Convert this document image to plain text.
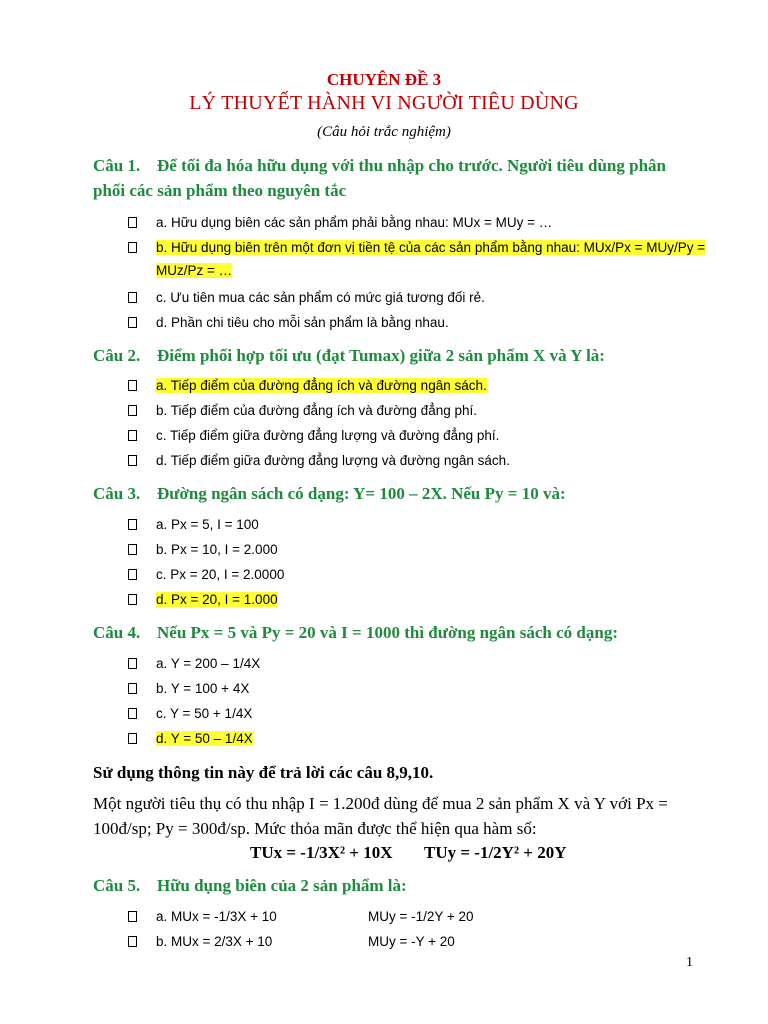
CHUYÊN ĐỀ 3
LÝ THUYẾT HÀNH VI NGƯỜI TIÊU DÙNG
(Câu hỏi trắc nghiệm)
Câu 1. Để tối đa hóa hữu dụng với thu nhập cho trước. Người tiêu dùng phân phối các sản phẩm theo nguyên tắc
a. Hữu dụng biên các sản phẩm phải bằng nhau: MUx = MUy = …
b. Hữu dụng biên trên một đơn vị tiền tệ của các sản phẩm bằng nhau: MUx/Px = MUy/Py = MUz/Pz = …
c. Ưu tiên mua các sản phẩm có mức giá tương đối rẻ.
d. Phần chi tiêu cho mỗi sản phẩm là bằng nhau.
Câu 2. Điểm phối hợp tối ưu (đạt Tumax) giữa 2 sản phẩm X và Y là:
a. Tiếp điểm của đường đẳng ích và đường ngân sách.
b. Tiếp điểm của đường đẳng ích và đường đẳng phí.
c. Tiếp điểm giữa đường đẳng lượng và đường đẳng phí.
d. Tiếp điểm giữa đường đẳng lượng và đường ngân sách.
Câu 3. Đường ngân sách có dạng: Y= 100 – 2X. Nếu Py = 10 và:
a. Px = 5, I = 100
b. Px = 10, I = 2.000
c. Px = 20, I = 2.0000
d. Px = 20, I = 1.000
Câu 4. Nếu Px = 5 và Py = 20 và I = 1000 thì đường ngân sách có dạng:
a. Y = 200 – 1/4X
b. Y = 100 + 4X
c. Y = 50 + 1/4X
d. Y = 50 – 1/4X
Sử dụng thông tin này để trả lời các câu 8,9,10.
Một người tiêu thụ có thu nhập I = 1.200đ dùng để mua 2 sản phẩm X và Y với Px = 100đ/sp; Py = 300đ/sp. Mức thỏa mãn được thể hiện qua hàm số:
TUx = -1/3X² + 10X TUy = -1/2Y² + 20Y
Câu 5. Hữu dụng biên của 2 sản phẩm là:
a. MUx = -1/3X + 10	MUy = -1/2Y + 20
b. MUx = 2/3X + 10	MUy = -Y + 20
1
